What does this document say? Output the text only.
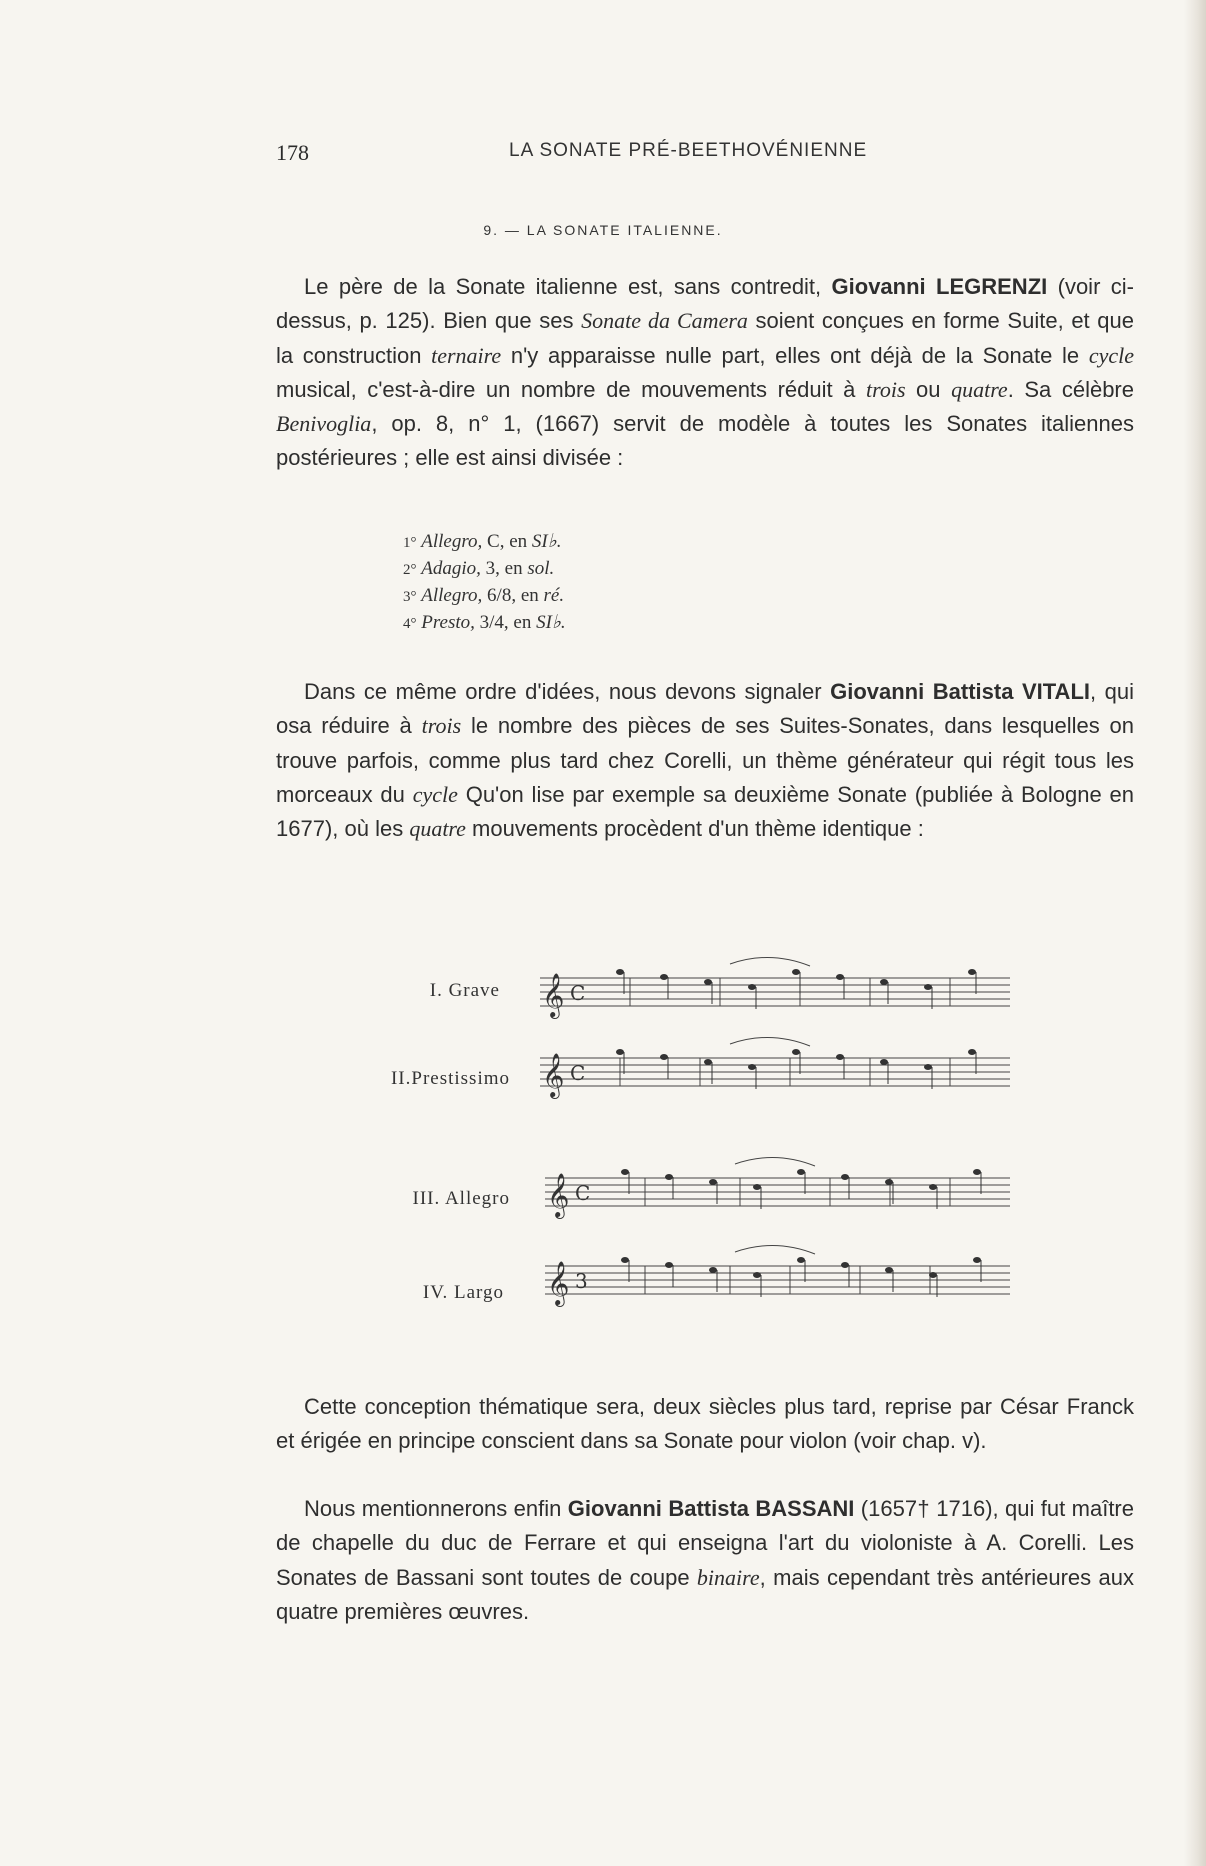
178	LA SONATE PRÉ-BEETHOVÉNIENNE
9. — LA SONATE ITALIENNE.

Le père de la Sonate italienne est, sans contredit, Giovanni LEGRENZI (voir ci-dessus, p. 125). Bien que ses Sonate da Camera soient conçues en forme Suite, et que la construction ternaire n'y apparaisse nulle part, elles ont déjà de la Sonate le cycle musical, c'est-à-dire un nombre de mouvements réduit à trois ou quatre. Sa célèbre Benivoglia, op. 8, n° 1, (1667) servit de modèle à toutes les Sonates italiennes postérieures ; elle est ainsi divisée :

1° Allegro, C, en SI♭.
2° Adagio, 3, en sol.
3° Allegro, 6/8, en ré.
4° Presto, 3/4, en SI♭.

Dans ce même ordre d'idées, nous devons signaler Giovanni Battista VITALI, qui osa réduire à trois le nombre des pièces de ses Suites-Sonates, dans lesquelles on trouve parfois, comme plus tard chez Corelli, un thème générateur qui régit tous les morceaux du cycle Qu'on lise par exemple sa deuxième Sonate (publiée à Bologne en 1677), où les quatre mouvements procèdent d'un thème identique :

I. Grave
II.Prestissimo
III. Allegro
IV. Largo
𝄞 C
𝄞 C
𝄞 C
𝄞 3

Cette conception thématique sera, deux siècles plus tard, reprise par César Franck et érigée en principe conscient dans sa Sonate pour violon (voir chap. v).

Nous mentionnerons enfin Giovanni Battista BASSANI (1657† 1716), qui fut maître de chapelle du duc de Ferrare et qui enseigna l'art du violoniste à A. Corelli. Les Sonates de Bassani sont toutes de coupe binaire, mais cependant très antérieures aux quatre premières œuvres.
